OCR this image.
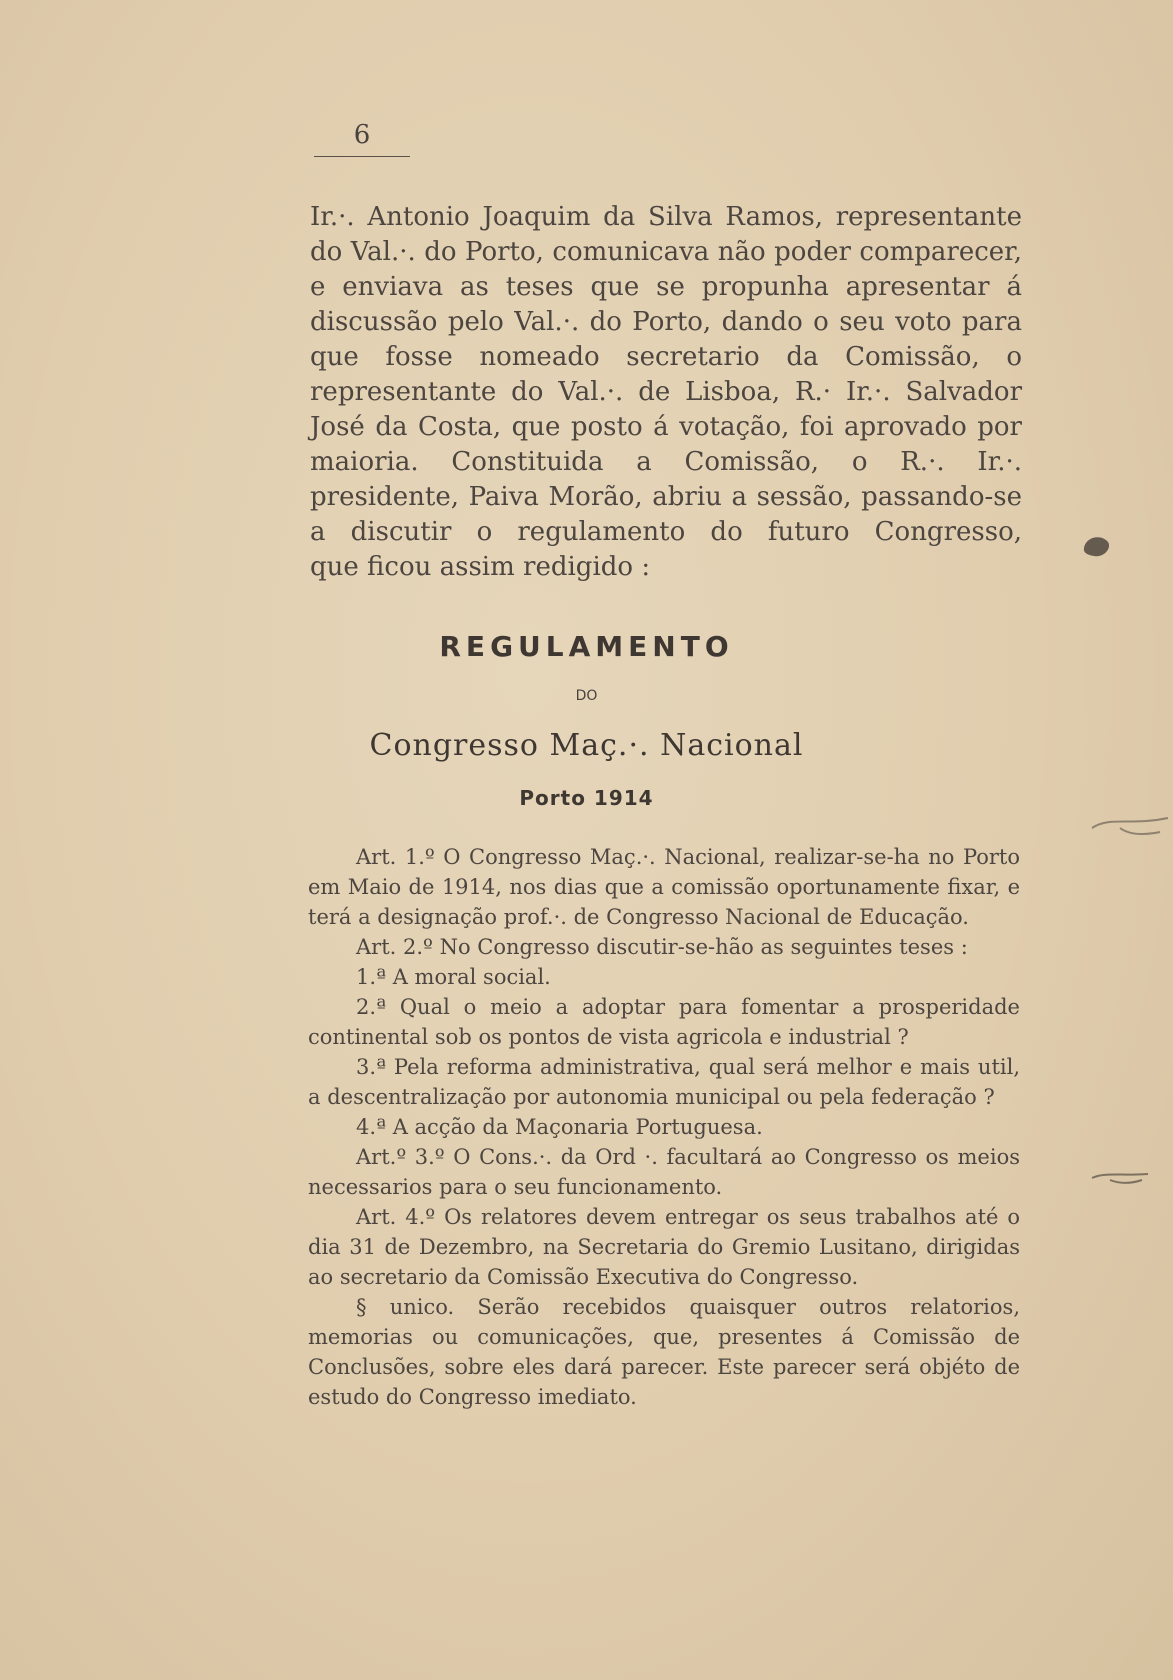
6

Ir.·. Antonio Joaquim da Silva Ramos, representante do Val.·. do Porto, comunicava não poder comparecer, e enviava as teses que se propunha apresentar á discussão pelo Val.·. do Porto, dando o seu voto para que fosse nomeado secretario da Comissão, o representante do Val.·. de Lisboa, R.· Ir.·. Salvador José da Costa, que posto á votação, foi aprovado por maioria. Constituida a Comissão, o R.·. Ir.·. presidente, Paiva Morão, abriu a sessão, passando-se a discutir o regulamento do futuro Congresso,
que ficou assim redigido :

REGULAMENTO
DO
Congresso Maç.·. Nacional
Porto 1914

Art. 1.º O Congresso Maç.·. Nacional, realizar-se-ha no Porto em Maio de 1914, nos dias que a comissão oportunamente fixar, e terá a designação prof.·. de Congresso Nacional de Educação.

Art. 2.º No Congresso discutir-se-hão as seguintes teses :

1.ª A moral social.

2.ª Qual o meio a adoptar para fomentar a prosperidade continental sob os pontos de vista agricola e industrial ?

3.ª Pela reforma administrativa, qual será melhor e mais util, a descentralização por autonomia municipal ou pela federação ?

4.ª A acção da Maçonaria Portuguesa.

Art.º 3.º O Cons.·. da Ord ·. facultará ao Congresso os meios necessarios para o seu funcionamento.

Art. 4.º Os relatores devem entregar os seus trabalhos até o dia 31 de Dezembro, na Secretaria do Gremio Lusitano, dirigidas ao secretario da Comissão Executiva do Congresso.

§ unico. Serão recebidos quaisquer outros relatorios, memorias ou comunicações, que, presentes á Comissão de Conclusões, sobre eles dará parecer. Este parecer será objéto de estudo do Congresso imediato.
